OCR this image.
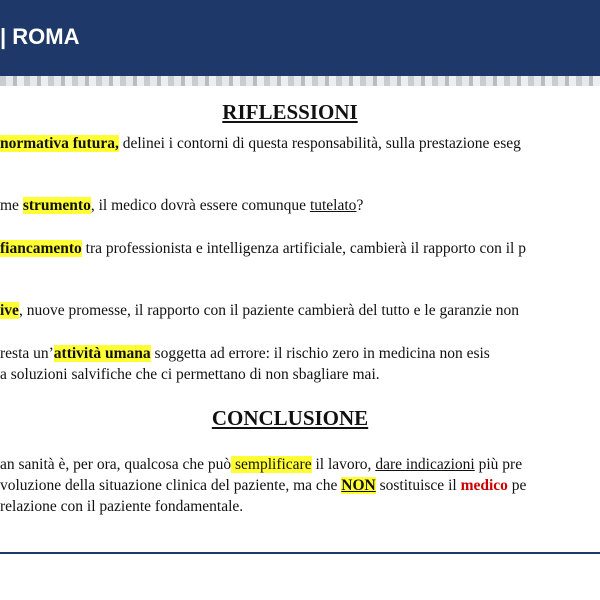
| ROMA
RIFLESSIONI
normativa futura, delinei i contorni di questa responsabilità, sulla prestazione eseg
me strumento, il medico dovrà essere comunque tutelato?
fiancamento tra professionista e intelligenza artificiale, cambierà il rapporto con il p
ive, nuove promesse, il rapporto con il paziente cambierà del tutto e le garanzie non
resta un’attività umana soggetta ad errore: il rischio zero in medicina non esis
a soluzioni salvifiche che ci permettano di non sbagliare mai.
CONCLUSIONE
an sanità è, per ora, qualcosa che può semplificare il lavoro, dare indicazioni più pre
voluzione della situazione clinica del paziente, ma che NON sostituisce il medico pe
relazione con il paziente fondamentale.
